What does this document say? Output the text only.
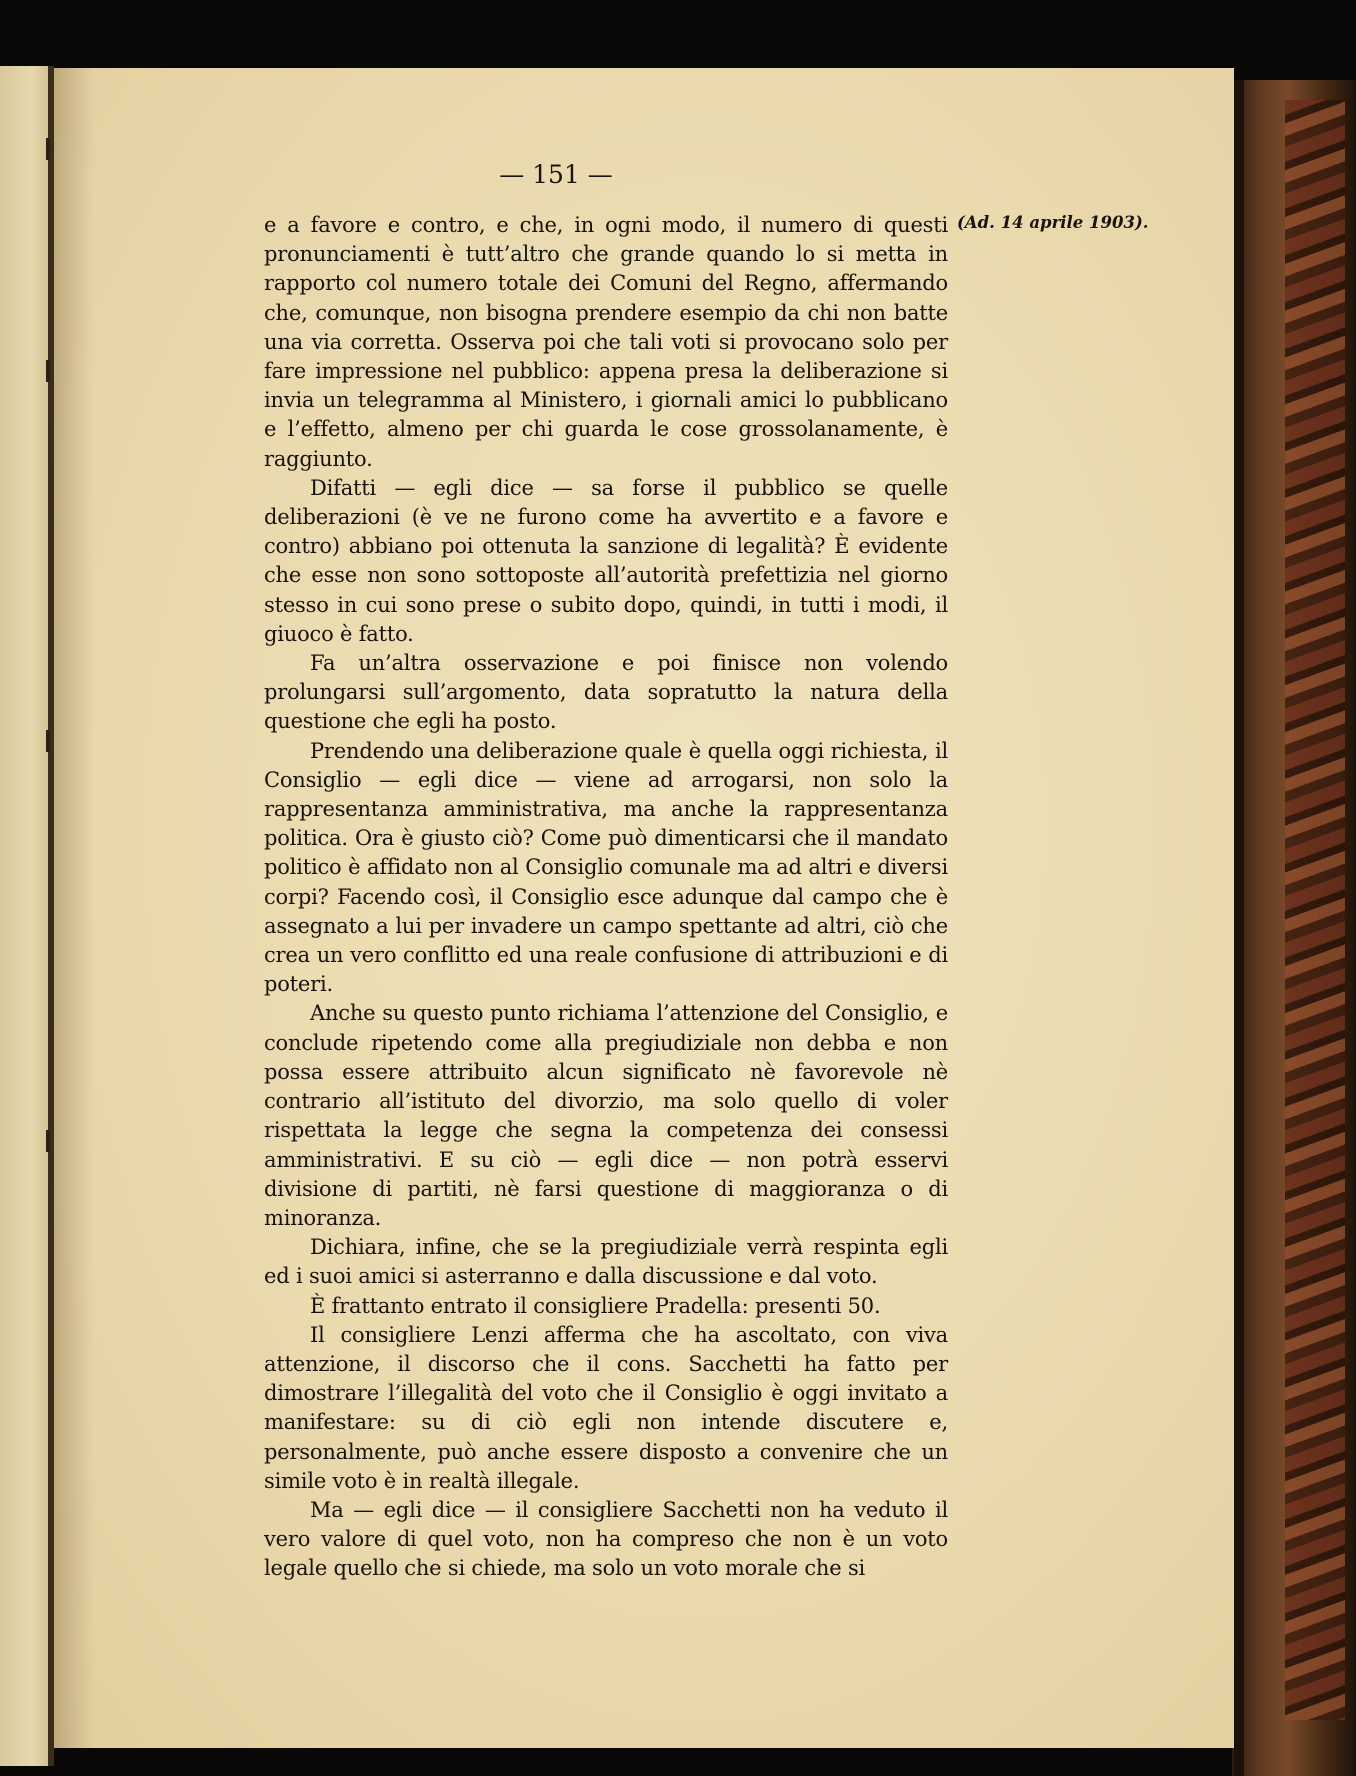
— 151 —
(Ad. 14 aprile 1903).

e a favore e contro, e che, in ogni modo, il numero di questi pronunciamenti è tutt’altro che grande quando lo si metta in rapporto col numero totale dei Comuni del Regno, affermando che, comunque, non bisogna prendere esempio da chi non batte una via corretta. Osserva poi che tali voti si provocano solo per fare impressione nel pubblico: appena presa la deliberazione si invia un telegramma al Ministero, i giornali amici lo pubblicano e l’effetto, almeno per chi guarda le cose grossolanamente, è raggiunto.

Difatti — egli dice — sa forse il pubblico se quelle deliberazioni (è ve ne furono come ha avvertito e a favore e contro) abbiano poi ottenuta la sanzione di legalità? È evidente che esse non sono sottoposte all’autorità prefettizia nel giorno stesso in cui sono prese o subito dopo, quindi, in tutti i modi, il giuoco è fatto.

Fa un’altra osservazione e poi finisce non volendo prolungarsi sull’argomento, data sopratutto la natura della questione che egli ha posto.

Prendendo una deliberazione quale è quella oggi richiesta, il Consiglio — egli dice — viene ad arrogarsi, non solo la rappresentanza amministrativa, ma anche la rappresentanza politica. Ora è giusto ciò? Come può dimenticarsi che il mandato politico è affidato non al Consiglio comunale ma ad altri e diversi corpi? Facendo così, il Consiglio esce adunque dal campo che è assegnato a lui per invadere un campo spettante ad altri, ciò che crea un vero conflitto ed una reale confusione di attribuzioni e di poteri.

Anche su questo punto richiama l’attenzione del Consiglio, e conclude ripetendo come alla pregiudiziale non debba e non possa essere attribuito alcun significato nè favorevole nè contrario all’istituto del divorzio, ma solo quello di voler rispettata la legge che segna la competenza dei consessi amministrativi. E su ciò — egli dice — non potrà esservi divisione di partiti, nè farsi questione di maggioranza o di minoranza.

Dichiara, infine, che se la pregiudiziale verrà respinta egli ed i suoi amici si asterranno e dalla discussione e dal voto.

È frattanto entrato il consigliere Pradella: presenti 50.

Il consigliere Lenzi afferma che ha ascoltato, con viva attenzione, il discorso che il cons. Sacchetti ha fatto per dimostrare l’illegalità del voto che il Consiglio è oggi invitato a manifestare: su di ciò egli non intende discutere e, personalmente, può anche essere disposto a convenire che un simile voto è in realtà illegale.

Ma — egli dice — il consigliere Sacchetti non ha veduto il vero valore di quel voto, non ha compreso che non è un voto legale quello che si chiede, ma solo un voto morale che si
